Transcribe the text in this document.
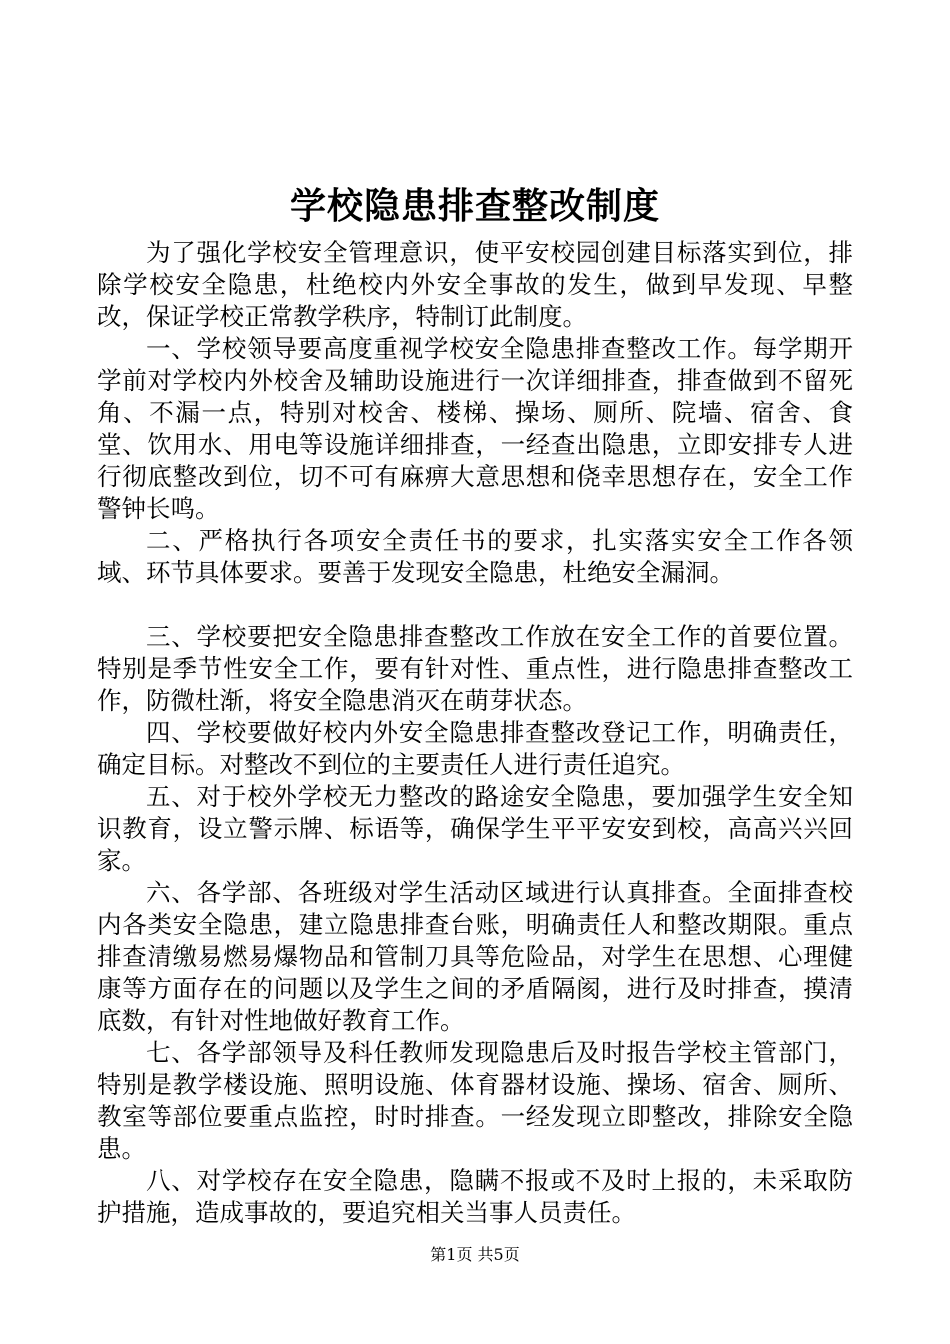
学校隐患排查整改制度

为了强化学校安全管理意识，使平安校园创建目标落实到位，排除学校安全隐患，杜绝校内外安全事故的发生，做到早发现、早整改，保证学校正常教学秩序，特制订此制度。

一、学校领导要高度重视学校安全隐患排查整改工作。每学期开学前对学校内外校舍及辅助设施进行一次详细排查，排查做到不留死角、不漏一点，特别对校舍、楼梯、操场、厕所、院墙、宿舍、食堂、饮用水、用电等设施详细排查，一经查出隐患，立即安排专人进行彻底整改到位，切不可有麻痹大意思想和侥幸思想存在，安全工作警钟长鸣。

二、严格执行各项安全责任书的要求，扎实落实安全工作各领域、环节具体要求。要善于发现安全隐患，杜绝安全漏洞。

三、学校要把安全隐患排查整改工作放在安全工作的首要位置。特别是季节性安全工作，要有针对性、重点性，进行隐患排查整改工作，防微杜渐，将安全隐患消灭在萌芽状态。

四、学校要做好校内外安全隐患排查整改登记工作，明确责任，确定目标。对整改不到位的主要责任人进行责任追究。

五、对于校外学校无力整改的路途安全隐患，要加强学生安全知识教育，设立警示牌、标语等，确保学生平平安安到校，高高兴兴回家。

六、各学部、各班级对学生活动区域进行认真排查。全面排查校内各类安全隐患，建立隐患排查台账，明确责任人和整改期限。重点排查清缴易燃易爆物品和管制刀具等危险品，对学生在思想、心理健康等方面存在的问题以及学生之间的矛盾隔阂，进行及时排查，摸清底数，有针对性地做好教育工作。

七、各学部领导及科任教师发现隐患后及时报告学校主管部门，特别是教学楼设施、照明设施、体育器材设施、操场、宿舍、厕所、教室等部位要重点监控，时时排查。一经发现立即整改，排除安全隐患。

八、对学校存在安全隐患，隐瞒不报或不及时上报的，未采取防护措施，造成事故的，要追究相关当事人员责任。

第1页 共5页
